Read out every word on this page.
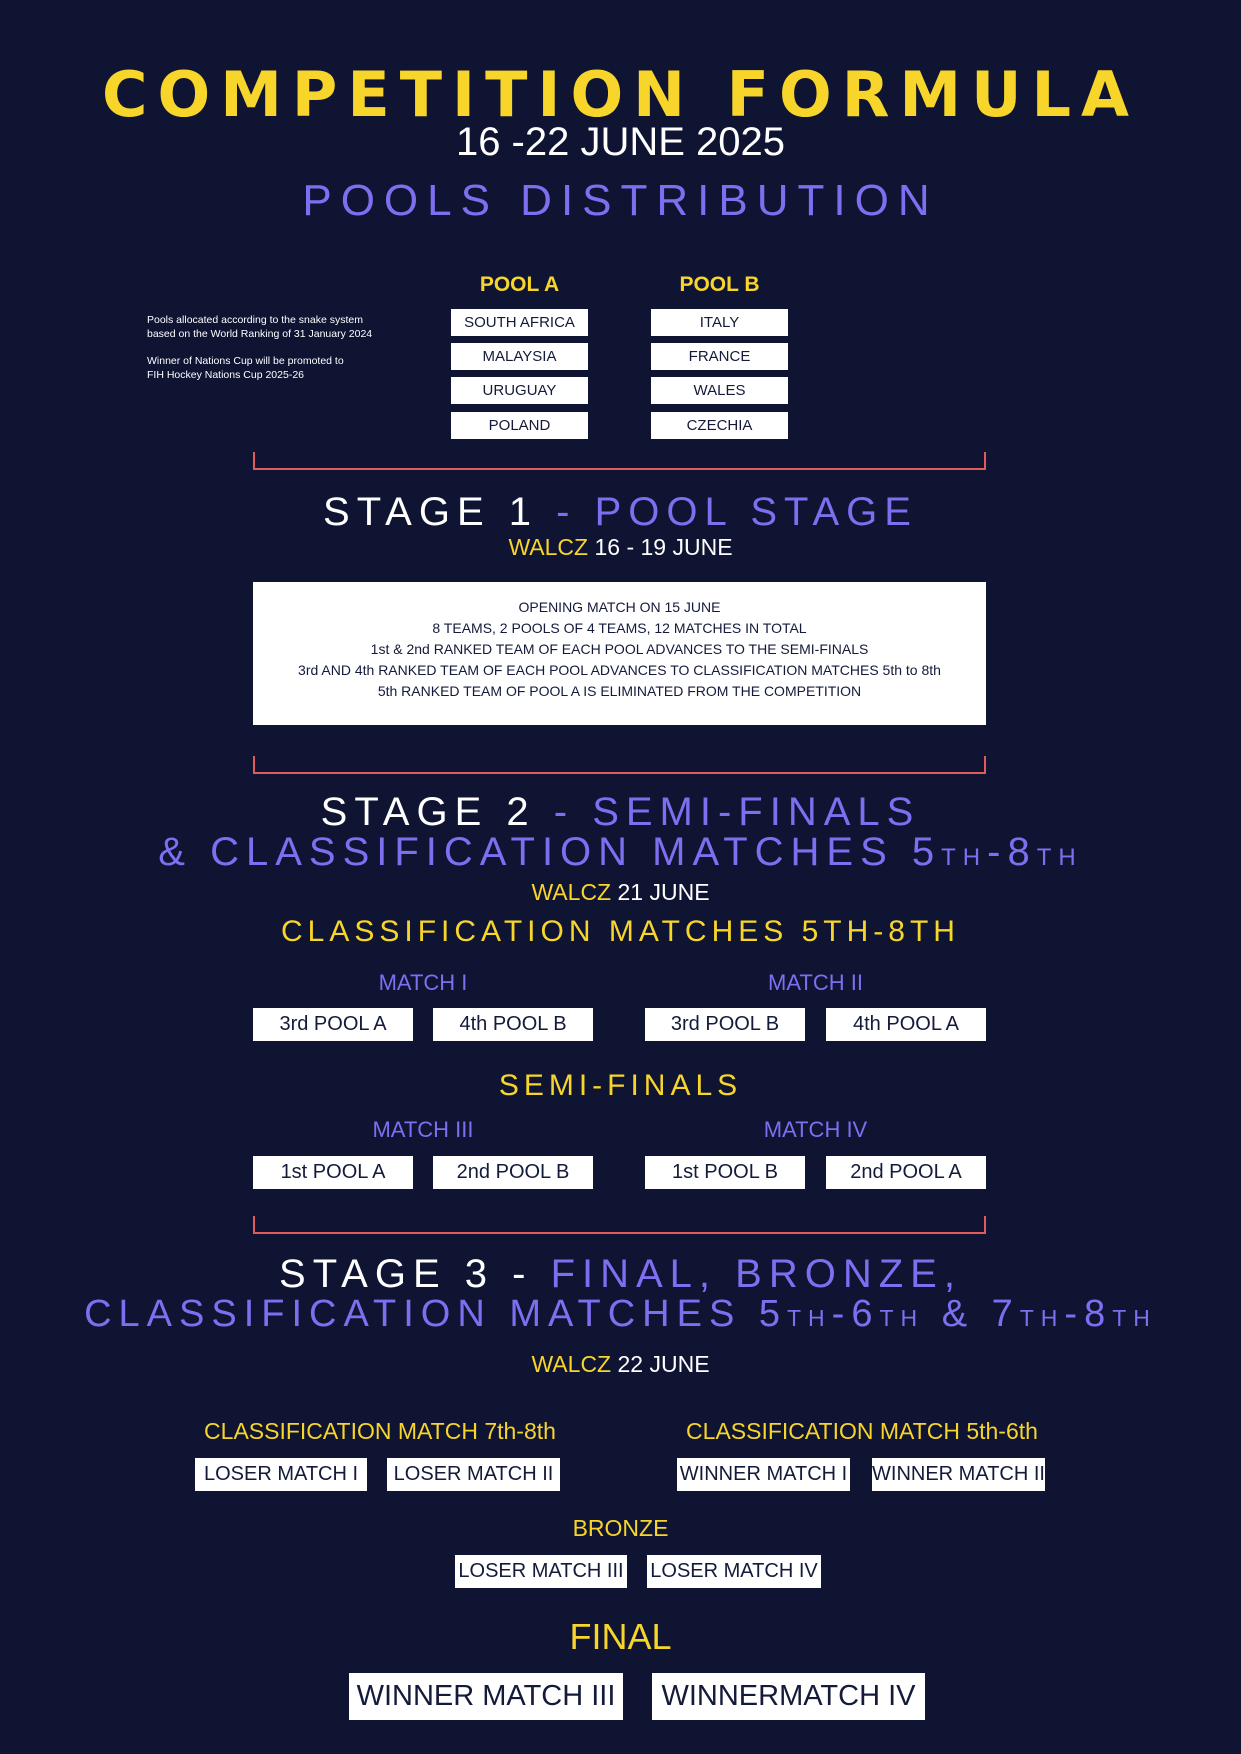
COMPETITION FORMULA
16 -22 JUNE 2025
POOLS DISTRIBUTION
Pools allocated according to the snake system
based on the World Ranking of 31 January 2024
Winner of Nations Cup will be promoted to
FIH Hockey Nations Cup 2025-26
POOL A
SOUTH AFRICA
MALAYSIA
URUGUAY
POLAND
POOL B
ITALY
FRANCE
WALES
CZECHIA
STAGE 1 - POOL STAGE
WALCZ 16 - 19 JUNE
OPENING MATCH ON 15 JUNE
8 TEAMS, 2 POOLS OF 4 TEAMS, 12 MATCHES IN TOTAL
1st & 2nd RANKED TEAM OF EACH POOL ADVANCES TO THE SEMI-FINALS
3rd AND 4th RANKED TEAM OF EACH POOL ADVANCES TO CLASSIFICATION MATCHES 5th to 8th
5th RANKED TEAM OF POOL A IS ELIMINATED FROM THE COMPETITION
STAGE 2 - SEMI-FINALS
& CLASSIFICATION MATCHES 5TH-8TH
WALCZ 21 JUNE
CLASSIFICATION MATCHES 5TH-8TH
MATCH I	MATCH II
3rd POOL A	4th POOL B	3rd POOL B	4th POOL A
SEMI-FINALS
MATCH III	MATCH IV
1st POOL A	2nd POOL B	1st POOL B	2nd POOL A
STAGE 3 - FINAL, BRONZE,
CLASSIFICATION MATCHES 5TH-6TH & 7TH-8TH
WALCZ 22 JUNE
CLASSIFICATION MATCH 7th-8th	CLASSIFICATION MATCH 5th-6th
LOSER MATCH I	LOSER MATCH II	WINNER MATCH I WINNER MATCH II
BRONZE
LOSER MATCH III LOSER MATCH IV
FINAL
WINNER MATCH III	WINNERMATCH IV
